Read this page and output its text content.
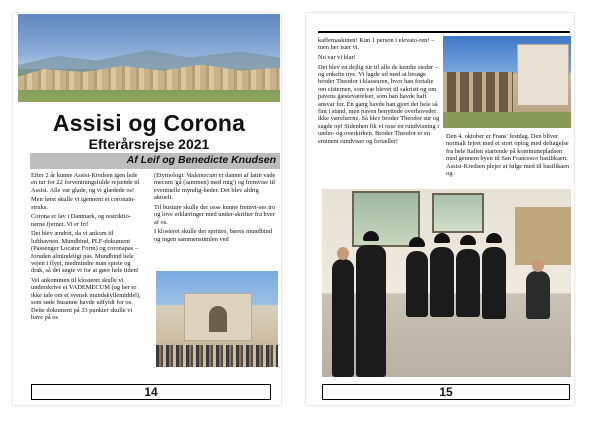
Assisi og Corona
Efterårsrejse 2021
Af Leif og Benedicte Knudsen

Efter 2 år kunne Assisi-Kredsen igen lede en tur for 22 forventningsfulde rejsende til Assisi. Alle var glade, og vi glædede os!

Men først skulle vi igennem et coronain-struks.

Corona er lav i Danmark, og restriktio-nerne fjernet. Vi er fri!

Det blev ændret, da vi ankom til lufthavnen. Mundbind, PLF-dokument (Passenger Locator Form) og coronapas – foruden almindeligt pas. Mundbind hele vejen i flyet, medmindre man spiste og drak, så det søgte vi for at gøre hele tiden!

Vel ankommen til klosteret skulle vi underskrive et VADEMECUM (og her er ikke tale om et svensk mundskyllemiddel), som søde Susanne havde udfyldt for os. Dette dokument på 33 punkter skulle vi have på os

(Etymologi: Vademecum er dannet af latin vade mecum 'gå (sammen) med mig') og fremvise til eventuelle myndig-heder. Det blev aldrig aktuelt.

Til busture skulle der osse kunne fremvi-ses tro og love erklæringer med under-skrifter fra hver af os.

I klosteret skulle der sprittes, bæres mundbind og ingen sammenstimlen ved

14

kaffemaskinen! Kun 1 person i elevato-ren! – men her især vi.

Nu var vi klar!

Det blev en dejlig tur til alle de kendte steder – og enkelte nye. Vi lagde ud med at besøge broder Theodor i klausuren, hvor han fortalte om cisternen, som var blevet til sakristi og om pavens gæsteværelser, som han havde haft ansvar for. Én gang havde han gjort det hele så fint i stand, men paven benyttede overhovedet ikke værelserne. Så blev broder Theodor sur og sagde op! Sidenhen fik vi osse en rundvisning i under- og overkirken. Broder Theodor er en eminent rundviser og fortæller!

Den 4. oktober er Frans' festdag. Den bliver normalt fejret med et stort optog med deltagelse fra hele Italien startende på kommunepladsen med gennem byen til San Francesco basilikaen. Assisi-Kredsen plejer at følge med til basilikaen og

15
